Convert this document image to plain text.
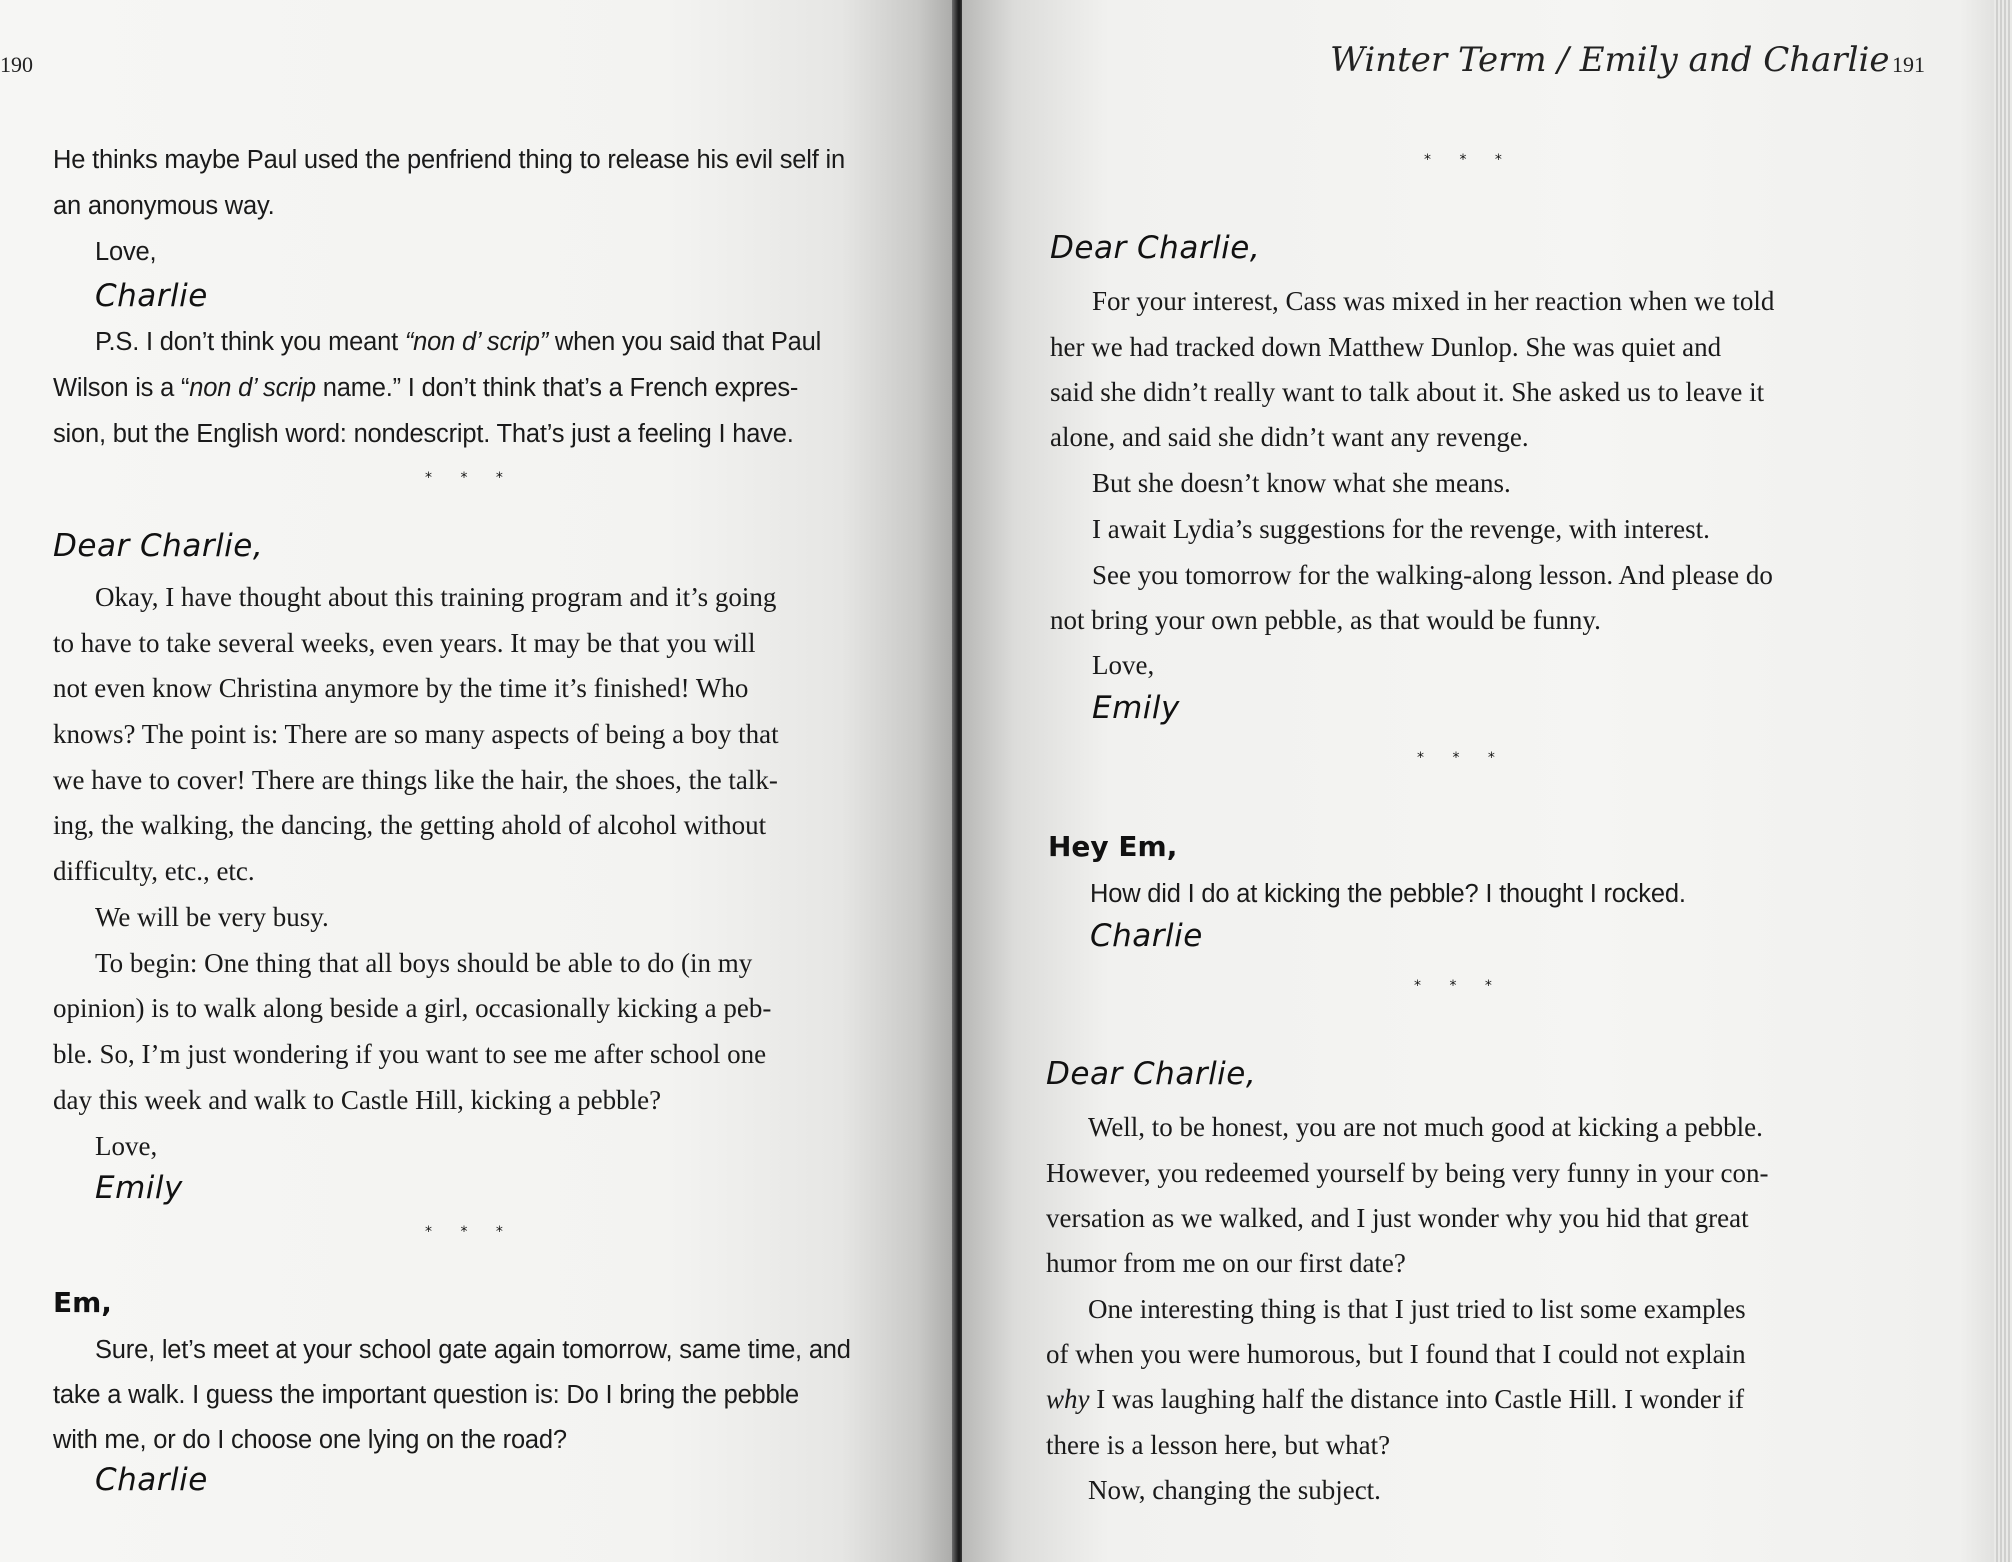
190
He thinks maybe Paul used the penfriend thing to release his evil self in
an anonymous way.
Love,
Charlie
P.S. I don’t think you meant “non d’ scrip” when you said that Paul
Wilson is a “non d’ scrip name.” I don’t think that’s a French expres-
sion, but the English word: nondescript. That’s just a feeling I have.
* * *
Dear Charlie,
Okay, I have thought about this training program and it’s going
to have to take several weeks, even years. It may be that you will
not even know Christina anymore by the time it’s finished! Who
knows? The point is: There are so many aspects of being a boy that
we have to cover! There are things like the hair, the shoes, the talk-
ing, the walking, the dancing, the getting ahold of alcohol without
difficulty, etc., etc.
We will be very busy.
To begin: One thing that all boys should be able to do (in my
opinion) is to walk along beside a girl, occasionally kicking a peb-
ble. So, I’m just wondering if you want to see me after school one
day this week and walk to Castle Hill, kicking a pebble?
Love,
Emily
* * *
Em,
Sure, let’s meet at your school gate again tomorrow, same time, and
take a walk. I guess the important question is: Do I bring the pebble
with me, or do I choose one lying on the road?
Charlie
Winter Term / Emily and Charlie 191
* * *
Dear Charlie,
For your interest, Cass was mixed in her reaction when we told
her we had tracked down Matthew Dunlop. She was quiet and
said she didn’t really want to talk about it. She asked us to leave it
alone, and said she didn’t want any revenge.
But she doesn’t know what she means.
I await Lydia’s suggestions for the revenge, with interest.
See you tomorrow for the walking-along lesson. And please do
not bring your own pebble, as that would be funny.
Love,
Emily
* * *
Hey Em,
How did I do at kicking the pebble? I thought I rocked.
Charlie
* * *
Dear Charlie,
Well, to be honest, you are not much good at kicking a pebble.
However, you redeemed yourself by being very funny in your con-
versation as we walked, and I just wonder why you hid that great
humor from me on our first date?
One interesting thing is that I just tried to list some examples
of when you were humorous, but I found that I could not explain
why I was laughing half the distance into Castle Hill. I wonder if
there is a lesson here, but what?
Now, changing the subject.
